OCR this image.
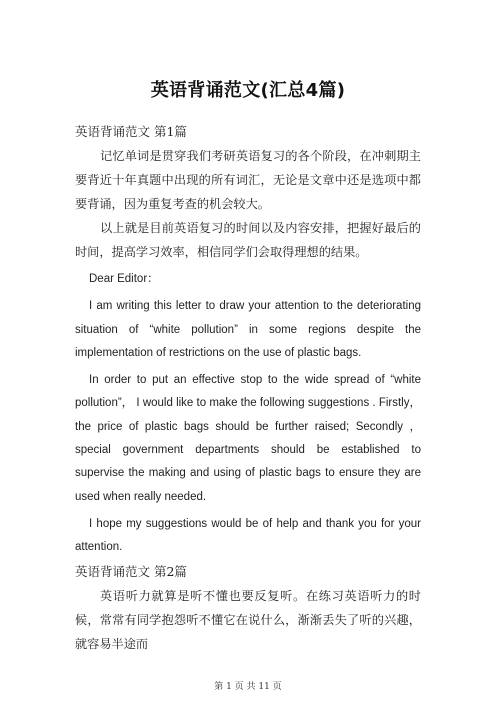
英语背诵范文(汇总4篇)
英语背诵范文 第1篇

记忆单词是贯穿我们考研英语复习的各个阶段，在冲刺期主要背近十年真题中出现的所有词汇，无论是文章中还是选项中都要背诵，因为重复考查的机会较大。

以上就是目前英语复习的时间以及内容安排，把握好最后的时间，提高学习效率，相信同学们会取得理想的结果。

Dear Editor：

I am writing this letter to draw your attention to the deteriorating situation of “white pollution” in some regions despite the implementation of restrictions on the use of plastic bags.

In order to put an effective stop to the wide spread of “white pollution”， I would like to make the following suggestions . Firstly， the price of plastic bags should be further raised; Secondly ， special government departments should be established to supervise the making and using of plastic bags to ensure they are used when really needed.

I hope my suggestions would be of help and thank you for your attention.

英语背诵范文 第2篇

英语听力就算是听不懂也要反复听。在练习英语听力的时候，常常有同学抱怨听不懂它在说什么，渐渐丢失了听的兴趣，就容易半途而

第 1 页 共 11 页
